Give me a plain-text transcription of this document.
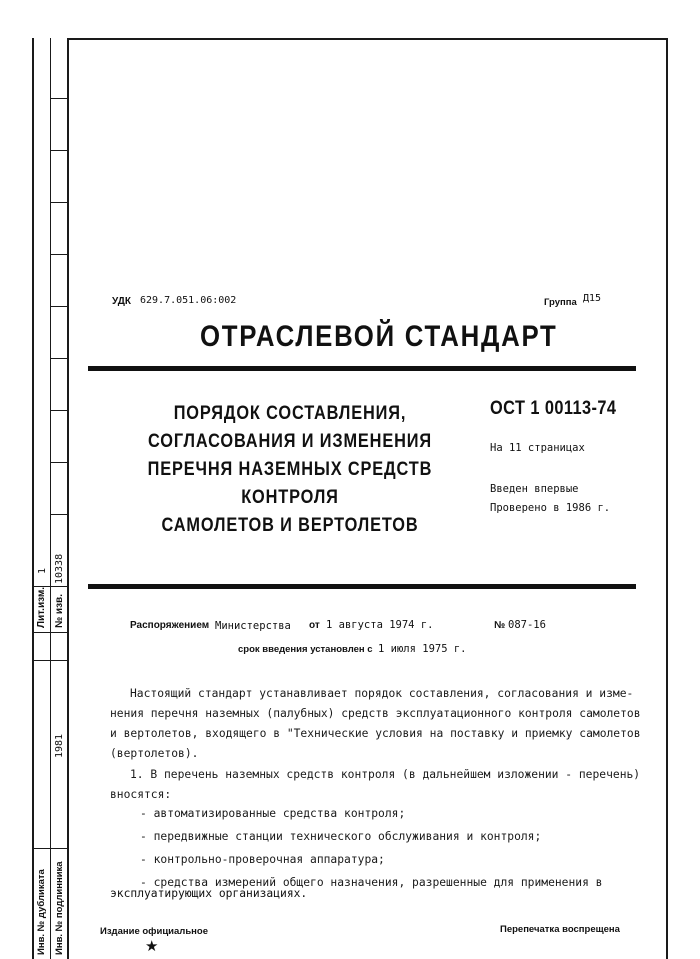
Лит.изм.
1
№ изв.
10338
1981
Инв. № дубликата Инв. № подлинника
УДК 629.7.051.06:002	Группа Д15
ОТРАСЛЕВОЙ СТАНДАРТ
ПОРЯДОК СОСТАВЛЕНИЯ,
СОГЛАСОВАНИЯ И ИЗМЕНЕНИЯ
ПЕРЕЧНЯ НАЗЕМНЫХ СРЕДСТВ КОНТРОЛЯ
САМОЛЕТОВ И ВЕРТОЛЕТОВ
ОСТ 1 00113-74
На 11 страницах
Введен впервые
Проверено в 1986 г.
Распоряжением Министерства от 1 августа 1974 г.	№ 087-16
срок введения установлен с 1 июля 1975 г.
Настоящий стандарт устанавливает порядок составления, согласования и изме-
нения перечня наземных (палубных) средств эксплуатационного контроля самолетов
и вертолетов, входящего в "Технические условия на поставку и приемку самолетов
(вертолетов).
1. В перечень наземных средств контроля (в дальнейшем изложении - перечень)
вносятся:
- автоматизированные средства контроля;
- передвижные станции технического обслуживания и контроля;
- контрольно-проверочная аппаратура;
- средства измерений общего назначения, разрешенные для применения в
эксплуатирующих организациях.
Издание официальное
★
Перепечатка воспрещена
